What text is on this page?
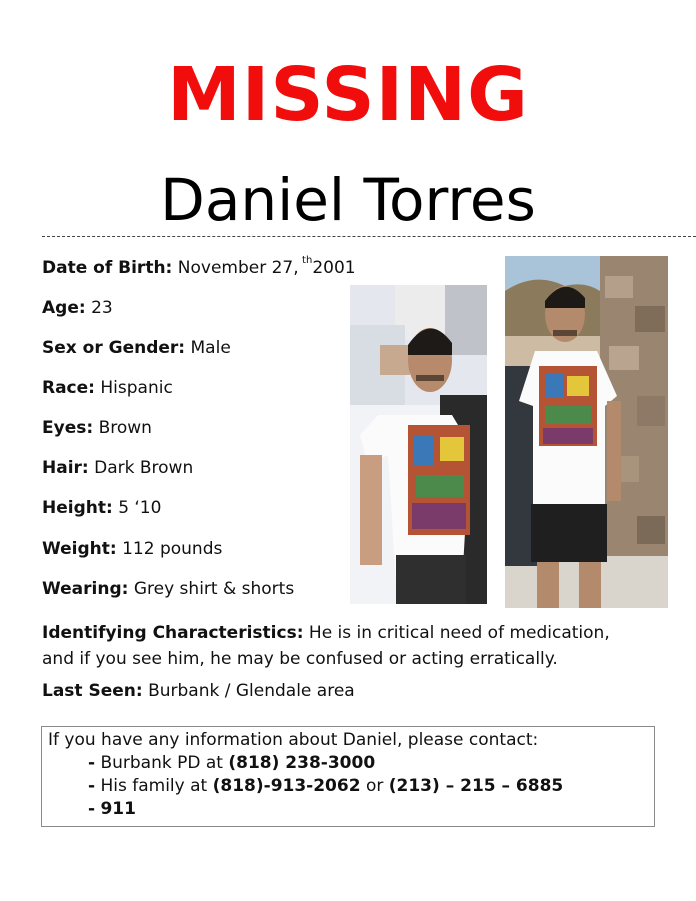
MISSING
Daniel Torres
Date of Birth: November 27, $^{th}$2001
Age: 23
Sex or Gender: Male
Race: Hispanic
Eyes: Brown
Hair: Dark Brown
Height: 5 ‘10
Weight: 112 pounds
Wearing: Grey shirt & shorts
Identifying Characteristics: He is in critical need of medication, and if you see him, he may be confused or acting erratically.
Last Seen: Burbank / Glendale area
If you have any information about Daniel, please contact:
- Burbank PD at (818) 238-3000
- His family at (818)-913-2062 or (213) – 215 – 6885
- 911
